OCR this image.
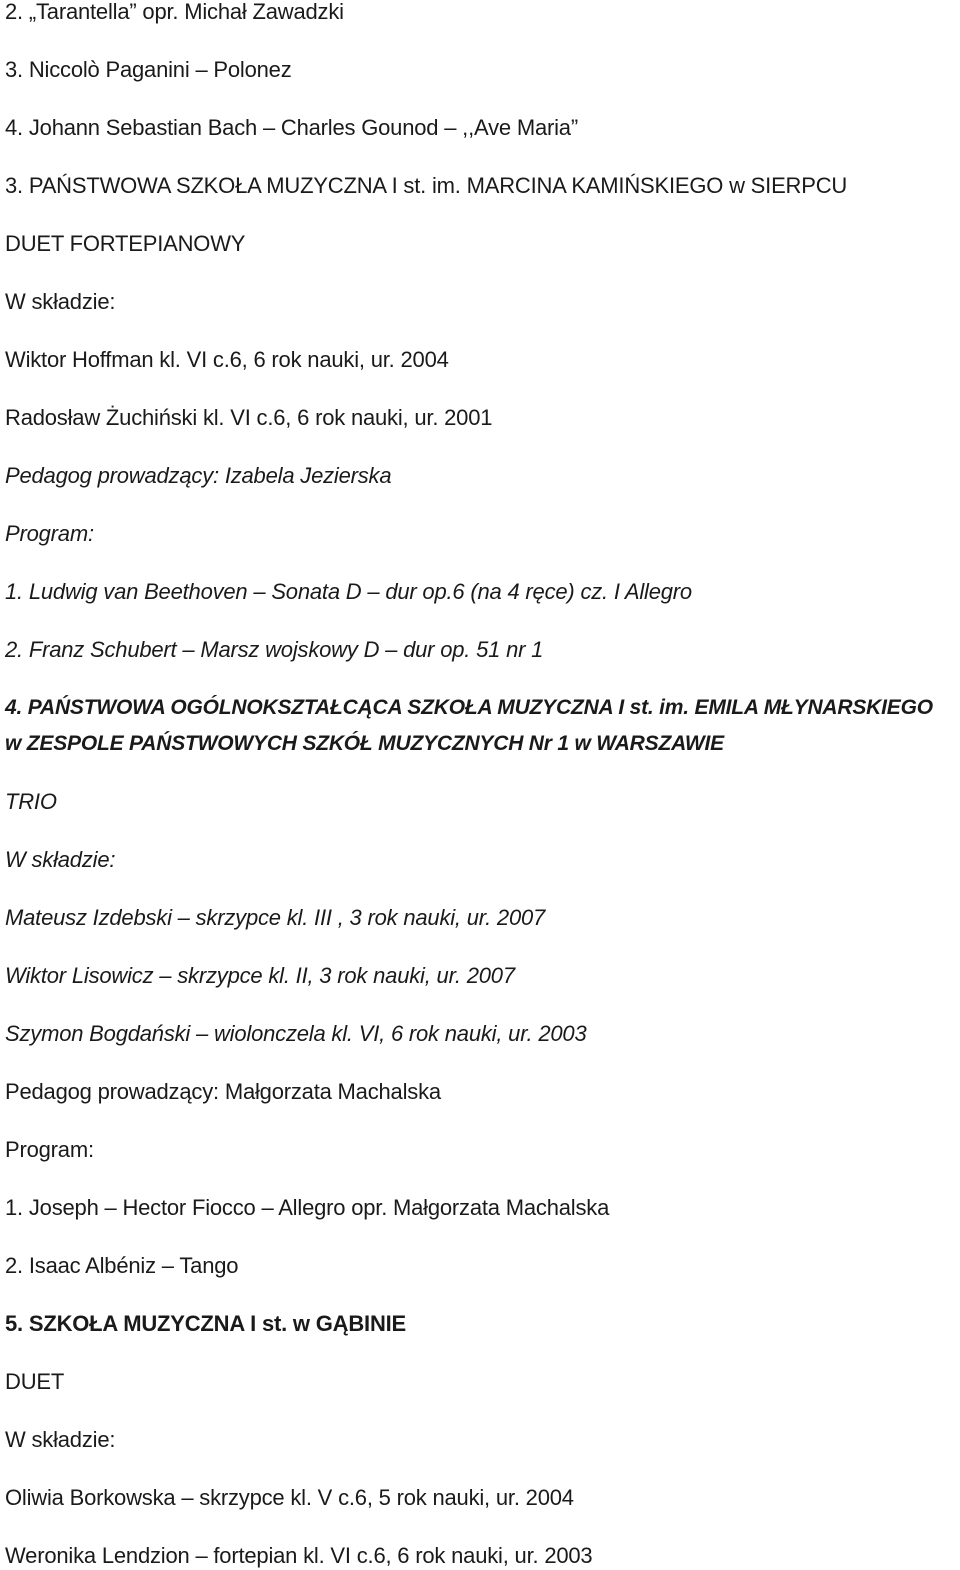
2. „Tarantella” opr. Michał Zawadzki
3. Niccolò Paganini – Polonez
4. Johann Sebastian Bach – Charles Gounod – ,,Ave Maria”
3. PAŃSTWOWA SZKOŁA MUZYCZNA I st. im. MARCINA KAMIŃSKIEGO w SIERPCU
DUET FORTEPIANOWY
W składzie:
Wiktor Hoffman kl. VI c.6, 6 rok nauki, ur. 2004
Radosław Żuchiński kl. VI c.6, 6 rok nauki, ur. 2001
Pedagog prowadzący: Izabela Jezierska
Program:
1. Ludwig van Beethoven – Sonata D – dur op.6 (na 4 ręce) cz. I Allegro
2. Franz Schubert – Marsz wojskowy D – dur op. 51 nr 1
4. PAŃSTWOWA OGÓLNOKSZTAŁCĄCA SZKOŁA MUZYCZNA I st. im. EMILA MŁYNARSKIEGO
w ZESPOLE PAŃSTWOWYCH SZKÓŁ MUZYCZNYCH Nr 1 w WARSZAWIE
TRIO
W składzie:
Mateusz Izdebski – skrzypce kl. III , 3 rok nauki, ur. 2007
Wiktor Lisowicz – skrzypce kl. II, 3 rok nauki, ur. 2007
Szymon Bogdański – wiolonczela kl. VI, 6 rok nauki, ur. 2003
Pedagog prowadzący: Małgorzata Machalska
Program:
1. Joseph – Hector Fiocco – Allegro opr. Małgorzata Machalska
2. Isaac Albéniz – Tango
5. SZKOŁA MUZYCZNA I st. w GĄBINIE
DUET
W składzie:
Oliwia Borkowska – skrzypce kl. V c.6, 5 rok nauki, ur. 2004
Weronika Lendzion – fortepian kl. VI c.6, 6 rok nauki, ur. 2003
